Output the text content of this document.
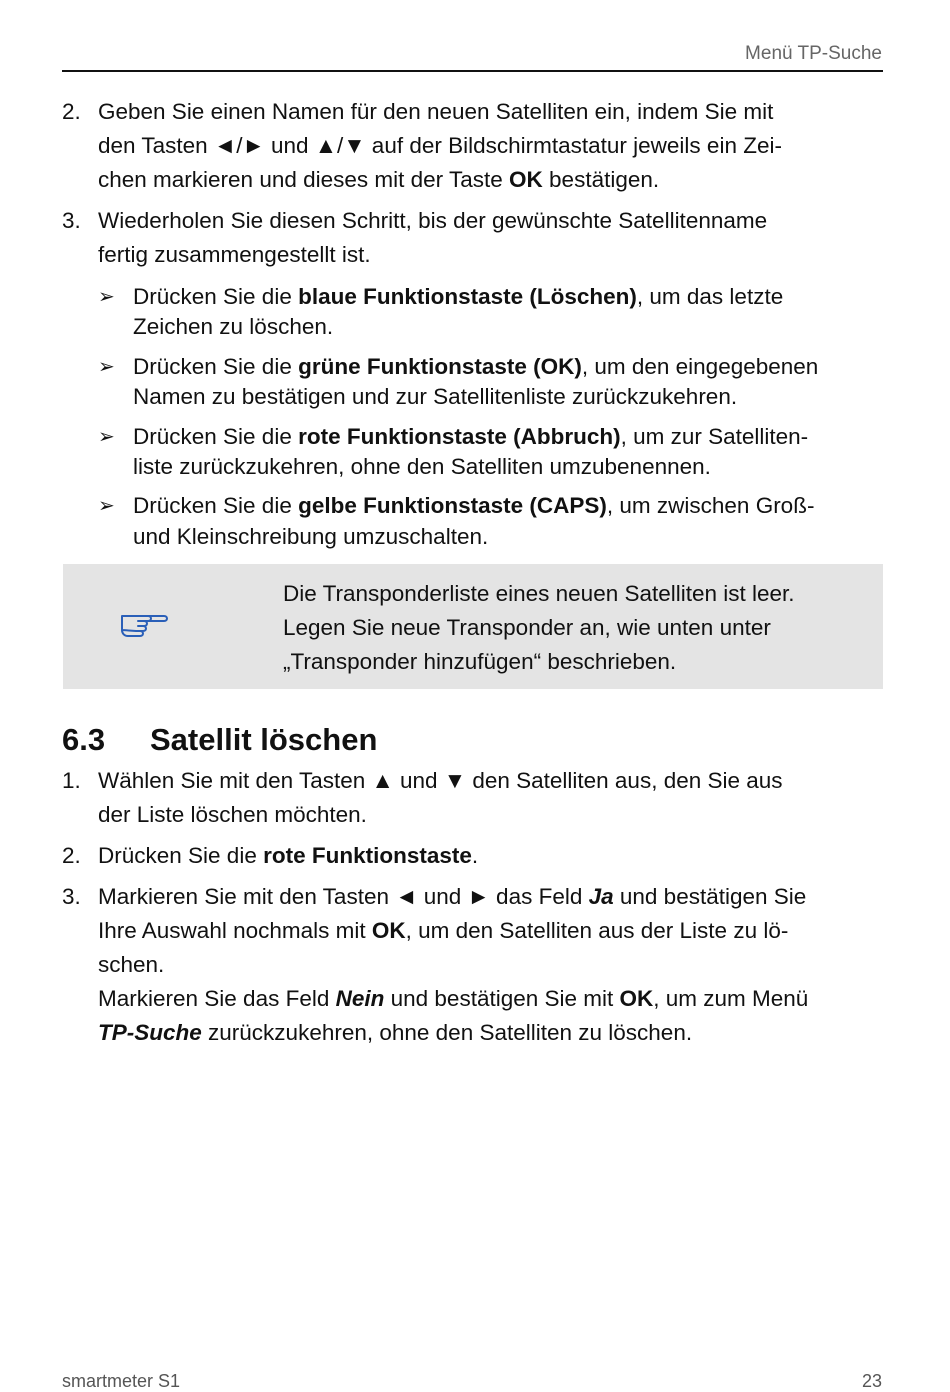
Menü TP-Suche
2. Geben Sie einen Namen für den neuen Satelliten ein, indem Sie mit
den Tasten ◄/► und ▲/▼ auf der Bildschirmtastatur jeweils ein Zei-
chen markieren und dieses mit der Taste OK bestätigen.
3. Wiederholen Sie diesen Schritt, bis der gewünschte Satellitenname
fertig zusammengestellt ist.
➢ Drücken Sie die blaue Funktionstaste (Löschen), um das letzte
Zeichen zu löschen.
➢ Drücken Sie die grüne Funktionstaste (OK), um den eingegebenen
Namen zu bestätigen und zur Satellitenliste zurückzukehren.
➢ Drücken Sie die rote Funktionstaste (Abbruch), um zur Satelliten-
liste zurückzukehren, ohne den Satelliten umzubenennen.
➢ Drücken Sie die gelbe Funktionstaste (CAPS), um zwischen Groß-
und Kleinschreibung umzuschalten.
Die Transponderliste eines neuen Satelliten ist leer.
Legen Sie neue Transponder an, wie unten unter
„Transponder hinzufügen“ beschrieben.
6.3 Satellit löschen
1. Wählen Sie mit den Tasten ▲ und ▼ den Satelliten aus, den Sie aus
der Liste löschen möchten.
2. Drücken Sie die rote Funktionstaste.
3. Markieren Sie mit den Tasten ◄ und ► das Feld Ja und bestätigen Sie
Ihre Auswahl nochmals mit OK, um den Satelliten aus der Liste zu lö-
schen.
Markieren Sie das Feld Nein und bestätigen Sie mit OK, um zum Menü
TP-Suche zurückzukehren, ohne den Satelliten zu löschen.
smartmeter S1	23
